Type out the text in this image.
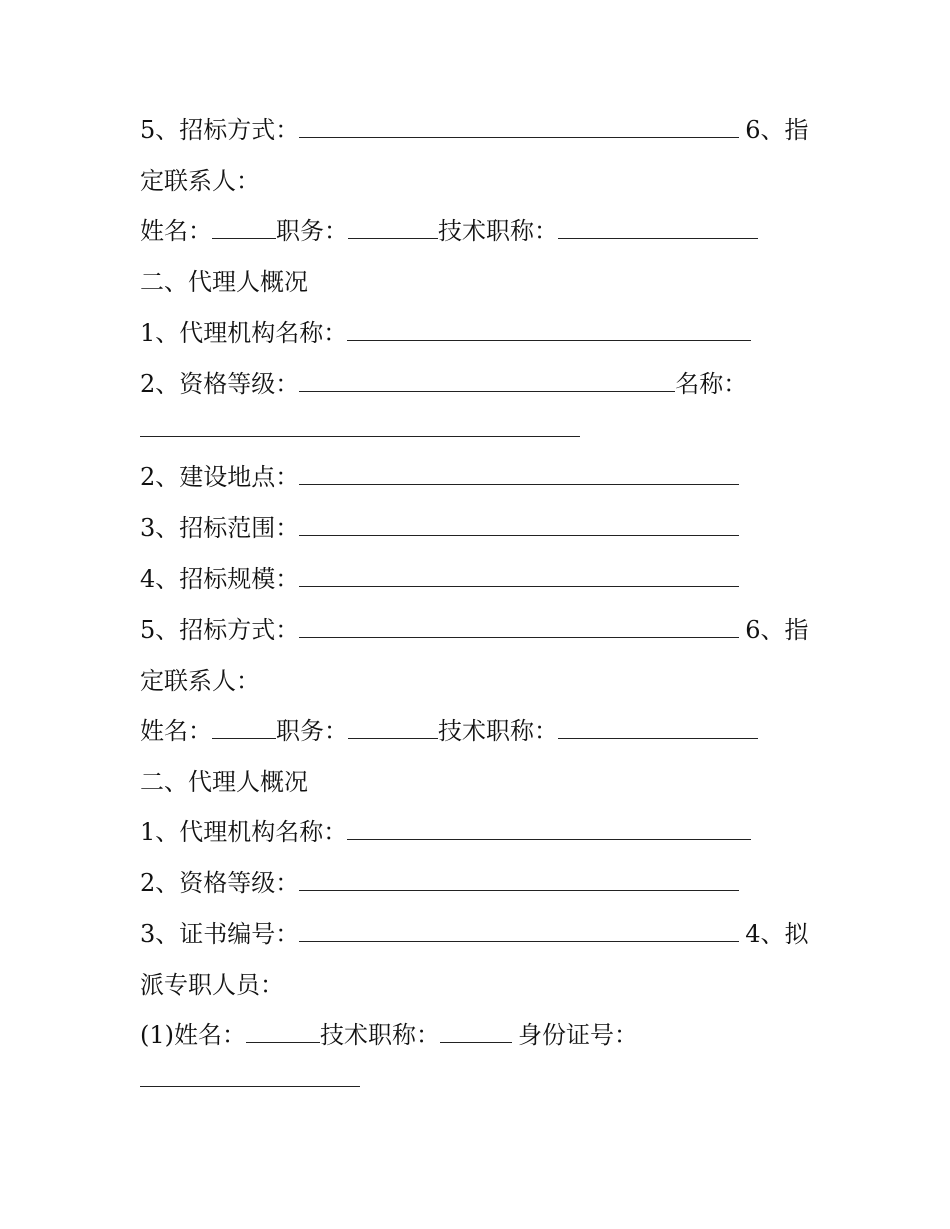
5、招标方式：	6、指
定联系人：
姓名：	职务：	技术职称：
二、代理人概况
1、代理机构名称：
2、资格等级：	名称：
2、建设地点：
3、招标范围：
4、招标规模：
5、招标方式：	6、指
定联系人：
姓名：	职务：	技术职称：
二、代理人概况
1、代理机构名称：
2、资格等级：
3、证书编号：	4、拟
派专职人员：
(1)姓名：	技术职称：	身份证号：
